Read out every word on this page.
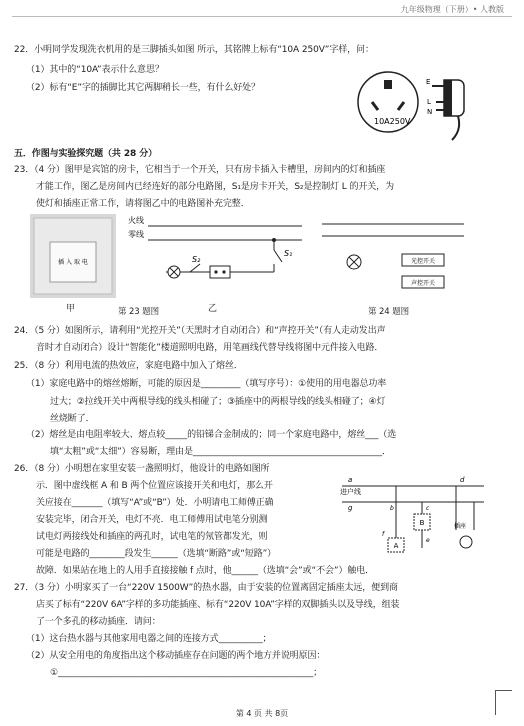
九年级物理（下册）• 人教版
22．小明同学发现洗衣机用的是三脚插头如图 所示，其铭牌上标有“10A 250V”字样，问：
（1）其中的“10A”表示什么意思？
（2）标有“E”字的插脚比其它两脚稍长一些，有什么好处？
10A250V
E
L
N
五．作图与实验探究题（共 28 分）
23．（4 分）图甲是宾馆的房卡，它相当于一个开关，只有房卡插入卡槽里，房间内的灯和插座
才能工作，图乙是房间内已经连好的部分电路图，S₁是房卡开关，S₂是控制灯 L 的开关，为
使灯和插座正常工作，请将图乙中的电路图补充完整．
插 入 取 电
甲	第 23 题图
火线
零线
S₁
S₂
乙
光控开关
声控开关
第 24 题图
24．（5 分）如图所示，请利用“光控开关”（天黑时才自动闭合）和“声控开关”（有人走动发出声
音时才自动闭合）设计“智能化”楼道照明电路，用笔画线代替导线将图中元件接入电路．
25．（8 分）利用电流的热效应，家庭电路中加入了熔丝．
（1）家庭电路中的熔丝熔断，可能的原因是_________（填写序号）：①使用的用电器总功率
过大；②拉线开关中两根导线的线头相碰了；③插座中的两根导线的线头相碰了；④灯
丝烧断了．
（2）熔丝是由电阻率较大、熔点较_____的铅锑合金制成的；同一个家庭电路中，熔丝___（选
填“太粗”或“太细”）容易断，理由是___________________________________________．
26．（8 分）小明想在家里安装一盏照明灯，他设计的电路如图所
示．图中虚线框 A 和 B 两个位置应该接开关和电灯，那么开
关应接在_______（填写“A”或“B”）处．小明请电工师傅正确
安装完毕，闭合开关，电灯不亮．电工师傅用试电笔分别测
试电灯两接线处和插座的两孔时，试电笔的氖管都发光，则
可能是电路的________段发生______（选填“断路”或“短路”）
故障．如果站在地上的人用手直接接触 f 点时，他______（选填“会”或“不会”）触电．
进户线
a	d
g
B
A
b	c
e
f
插座
27．（3 分）小明家买了一台“220V 1500W”的热水器，由于安装的位置离固定插座太远，便到商
店买了标有“220V 6A”字样的多功能插座、标有“220V 10A”字样的双脚插头以及导线，组装
了一个多孔的移动插座．请问：
（1）这台热水器与其他家用电器之间的连接方式__________；
（2）从安全用电的角度指出这个移动插座存在问题的两个地方并说明原因：
①__________________________________________________________；
第 4 页 共 8页
